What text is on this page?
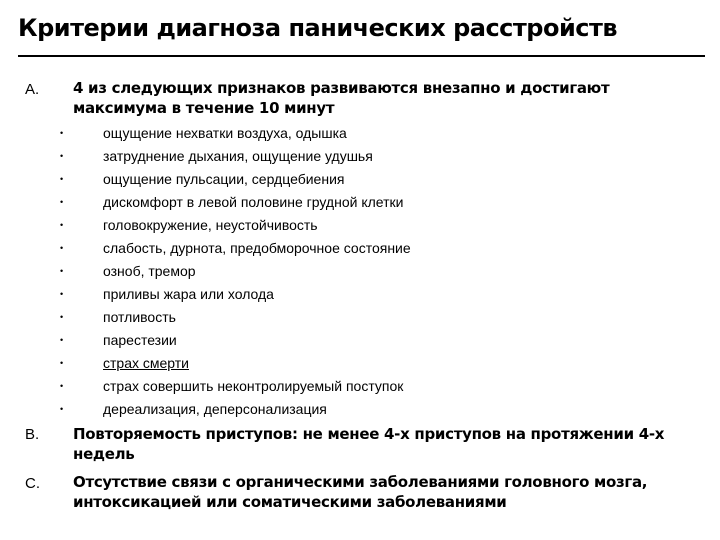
Критерии диагноза панических расстройств
A. 4 из следующих признаков развиваются внезапно и достигают максимума в течение 10 минут
•	ощущение нехватки воздуха, одышка
•	затруднение дыхания, ощущение удушья
•	ощущение пульсации, сердцебиения
•	дискомфорт в левой половине грудной клетки
•	головокружение, неустойчивость
•	слабость, дурнота, предобморочное состояние
•	озноб, тремор
•	приливы жара или холода
•	потливость
•	парестезии
•	страх смерти
•	страх совершить неконтролируемый поступок
•	дереализация, деперсонализация
B. Повторяемость приступов: не менее 4-х приступов на протяжении 4-х недель
C. Отсутствие связи с органическими заболеваниями головного мозга, интоксикацией или соматическими заболеваниями
